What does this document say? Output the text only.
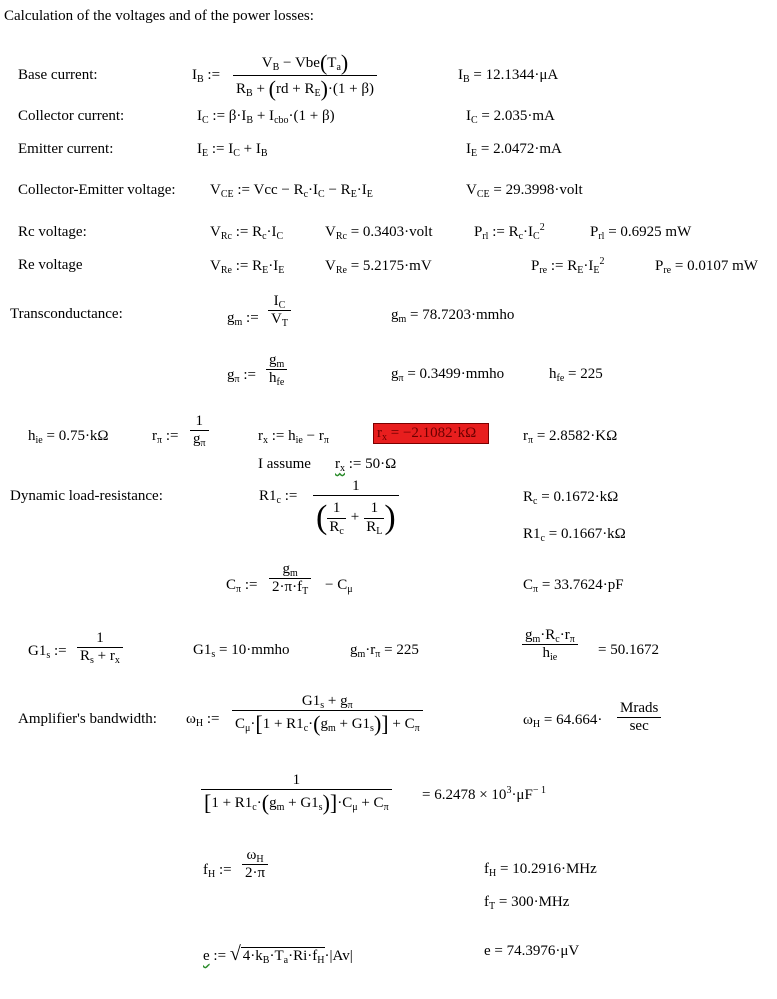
Calculation of the voltages and of the power losses:
Base current:	$I_B$ :=
$V_B - Vbe(T_a)$
$R_B + (rd + R_E)\cdot(1 + \beta)$
$I_B = 12.1344\cdot\mu A$
Collector current:	$I_C$ := $\beta\cdot I_B + I_{cbo}\cdot(1 + \beta)$	$I_C = 2.035\cdot mA$
Emitter current:	$I_E$ := $I_C + I_B$	$I_E = 2.0472\cdot mA$
Collector-Emitter voltage: $V_{CE}$ := Vcc − $R_c\cdot I_C - R_E\cdot I_E$	$V_{CE}$ = 29.3998·volt
Rc voltage:	$V_{Rc}$ := $R_c\cdot I_C$	$V_{Rc}$ = 0.3403·volt	$P_{rl}$ := $R_c\cdot I_C^2$	$P_{rl} = 0.6925$ mW
Re voltage	$V_{Re}$ := $R_E\cdot I_E$	$V_{Re} = 5.2175\cdot mV$	$P_{re}$ := $R_E\cdot I_E^2$	$P_{re} = 0.0107$ mW
Transconductance:	$g_m$ :=
$I_C$
$V_T$
$g_m$ = 78.7203·mmho
$g_\pi$ :=
$g_m$
$h_{fe}$
$g_\pi$ = 0.3499·mmho	$h_{fe} = 225$
$h_{ie} = 0.75\cdot k\Omega$	$r_\pi$ :=
1
$g_\pi$	$r_x$ := $h_{ie} - r_\pi$	$r_x = -2.1082\cdot k\Omega$	$r_\pi = 2.8582\cdot K\Omega$
I assume $r_x$ := 50·Ω
Dynamic load-resistance:	$R1_c$ :=
1
( 1
$R_c$
+ $\frac{1}{R_L}$ )
$R_c = 0.1672\cdot k\Omega$
$R1_c = 0.1667\cdot k\Omega$
$C_\pi$ :=
$g_m$
$2\cdot\pi\cdot f_T - C_\mu$	$C_\pi = 33.7624\cdot pF$
$G1_s$ :=
1
$R_s + r_x$
$G1_s$ = 10·mmho	$g_m\cdot r_\pi = 225$
$g_m\cdot R_c\cdot r_\pi$
$h_{ie}$	= 50.1672
Amplifier's bandwidth: $\omega_H$ :=
$G1_s + g_\pi$
$C_\mu\cdot[1 + R1_c\cdot(g_m + G1_s)] + C_\pi$
$\omega_H = 64.664\cdot$
Mrads
sec
1
$[1 + R1_c\cdot(g_m + G1_s)]\cdot C_\mu + C_\pi$
= $6.2478 \times 10^3\cdot\mu F^{- 1}$
$f_H$ :=
$\omega_H$
2·π	$f_H = 10.2916\cdot MHz$
$f_T = 300\cdot MHz$
e := √ $4\cdot k_B\cdot T_a\cdot Ri\cdot f_H\cdot|Av|$	e = 74.3976·μV
